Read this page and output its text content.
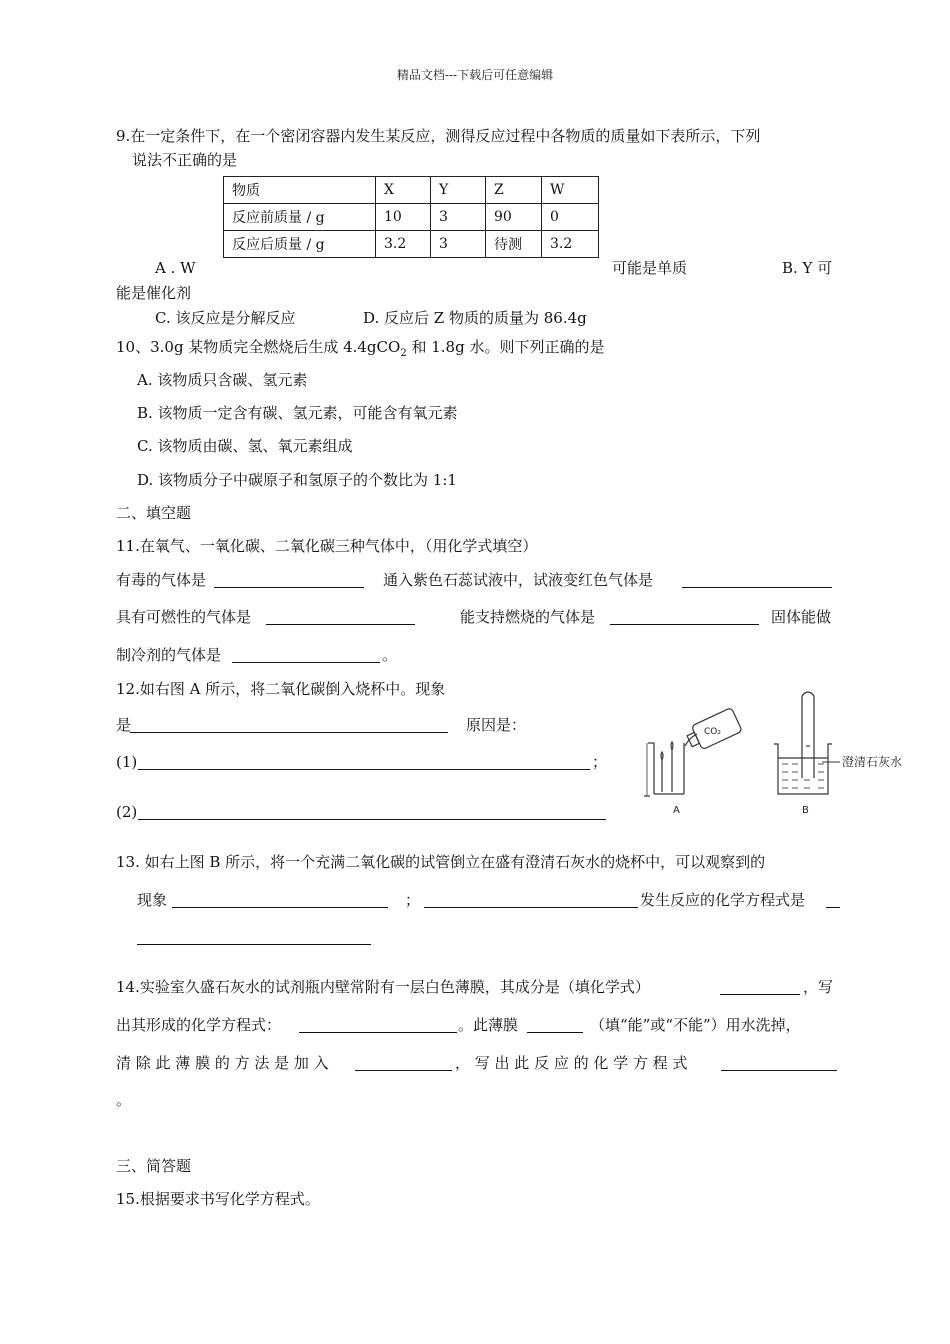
精品文档---下载后可任意编辑
9.在一定条件下，在一个密闭容器内发生某反应，测得反应过程中各物质的质量如下表所示，下列
说法不正确的是
物质	X	Y	Z	W
反应前质量 / g	10	3	90	0
反应后质量 / g	3.2	3	待测	3.2
A . W	可能是单质	B. Y 可
能是催化剂
C. 该反应是分解反应	D. 反应后 Z 物质的质量为 86.4g
10、3.0g 某物质完全燃烧后生成 4.4gCO$_2$ 和 1.8g 水。则下列正确的是
A. 该物质只含碳、氢元素
B. 该物质一定含有碳、氢元素，可能含有氧元素
C. 该物质由碳、氢、氧元素组成
D. 该物质分子中碳原子和氢原子的个数比为 1:1
二、填空题
11.在氧气、一氧化碳、二氧化碳三种气体中，（用化学式填空）
有毒的气体是	通入紫色石蕊试液中，试液变红色气体是
具有可燃性的气体是	能支持燃烧的气体是	固体能做
制冷剂的气体是	。
12.如右图 A 所示，将二氧化碳倒入烧杯中。现象
是	原因是：
(1)	；
(2)
CO₂
澄清石灰水
A	B
13. 如右上图 B 所示，将一个充满二氧化碳的试管倒立在盛有澄清石灰水的烧杯中，可以观察到的
现象	；	发生反应的化学方程式是
14.实验室久盛石灰水的试剂瓶内壁常附有一层白色薄膜，其成分是（填化学式）	，写
出其形成的化学方程式：	。此薄膜	（填“能”或“不能”）用水洗掉，
清 除 此 薄 膜 的 方 法 是 加 入	， 写 出 此 反 应 的 化 学 方 程 式
。
三、简答题
15.根据要求书写化学方程式。
